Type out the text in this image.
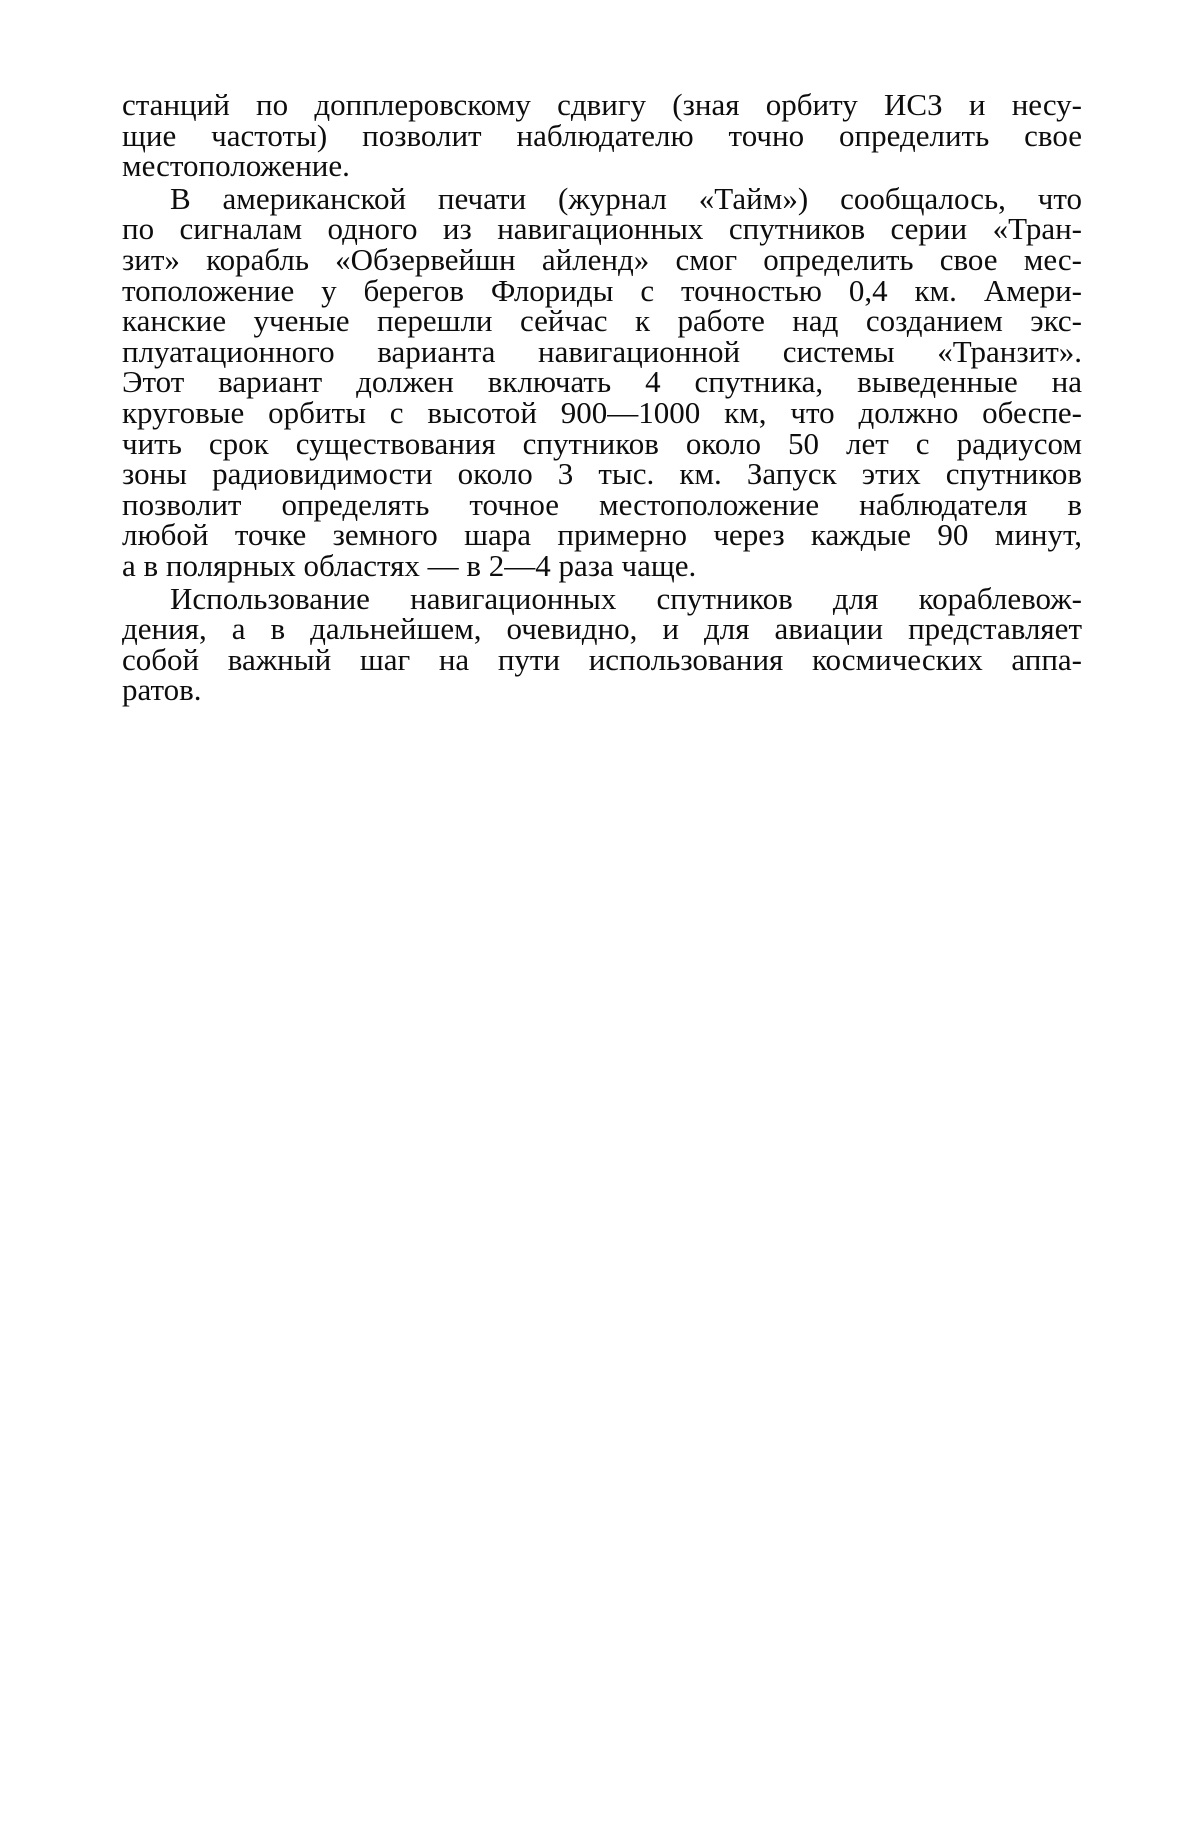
станций по допплеровскому сдвигу (зная орбиту ИСЗ и несу-
щие частоты) позволит наблюдателю точно определить свое
местоположение.
В американской печати (журнал «Тайм») сообщалось, что
по сигналам одного из навигационных спутников серии «Тран-
зит» корабль «Обзервейшн айленд» смог определить свое мес-
тоположение у берегов Флориды с точностью 0,4 км. Амери-
канские ученые перешли сейчас к работе над созданием экс-
плуатационного варианта навигационной системы «Транзит».
Этот вариант должен включать 4 спутника, выведенные на
круговые орбиты с высотой 900—1000 км, что должно обеспе-
чить срок существования спутников около 50 лет с радиусом
зоны радиовидимости около 3 тыс. км. Запуск этих спутников
позволит определять точное местоположение наблюдателя в
любой точке земного шара примерно через каждые 90 минут,
а в полярных областях — в 2—4 раза чаще.
Использование навигационных спутников для кораблевож-
дения, а в дальнейшем, очевидно, и для авиации представляет
собой важный шаг на пути использования космических аппа-
ратов.
